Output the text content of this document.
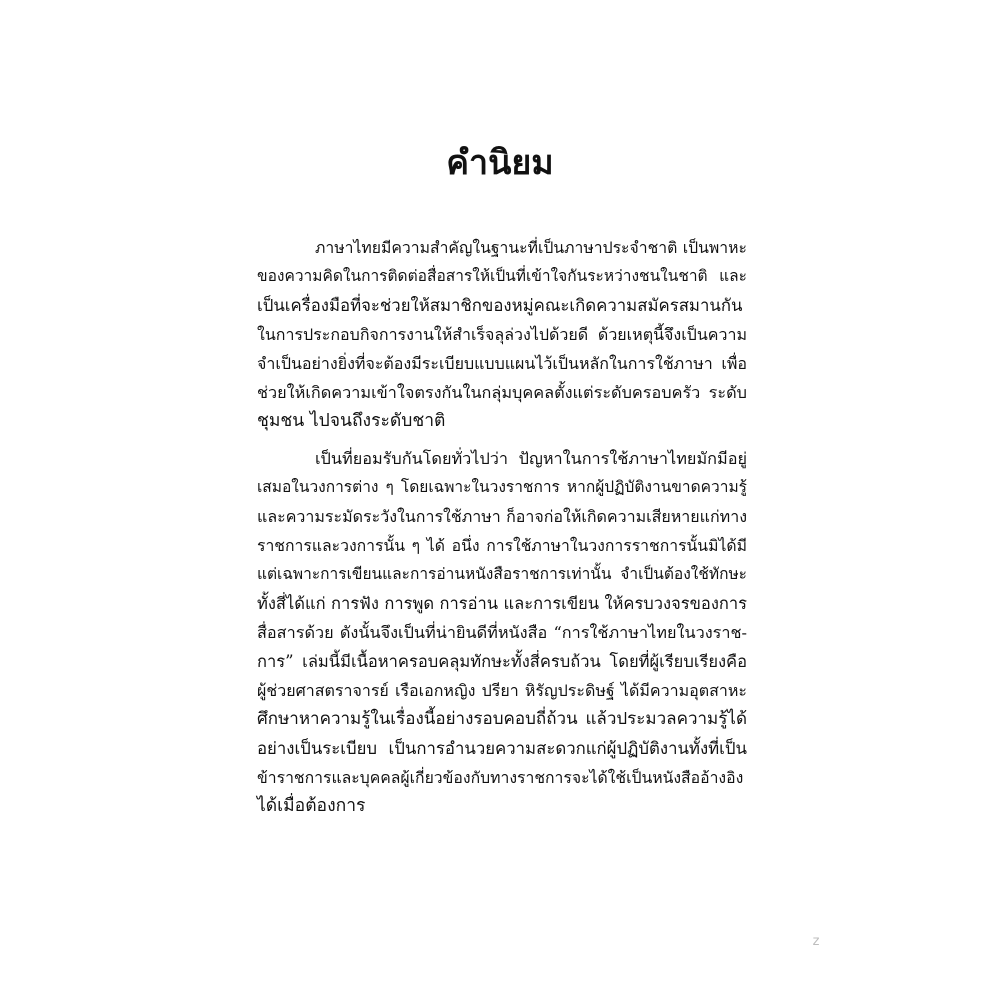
คำนิยม
ภาษาไทยมีความสำคัญในฐานะที่เป็นภาษาประจำชาติ เป็นพาหะ
ของความคิดในการติดต่อสื่อสารให้เป็นที่เข้าใจกันระหว่างชนในชาติ และ
เป็นเครื่องมือที่จะช่วยให้สมาชิกของหมู่คณะเกิดความสมัครสมานกัน
ในการประกอบกิจการงานให้สำเร็จลุล่วงไปด้วยดี ด้วยเหตุนี้จึงเป็นความ
จำเป็นอย่างยิ่งที่จะต้องมีระเบียบแบบแผนไว้เป็นหลักในการใช้ภาษา เพื่อ
ช่วยให้เกิดความเข้าใจตรงกันในกลุ่มบุคคลตั้งแต่ระดับครอบครัว ระดับ
ชุมชน ไปจนถึงระดับชาติ
เป็นที่ยอมรับกันโดยทั่วไปว่า ปัญหาในการใช้ภาษาไทยมักมีอยู่
เสมอในวงการต่าง ๆ โดยเฉพาะในวงราชการ หากผู้ปฏิบัติงานขาดความรู้
และความระมัดระวังในการใช้ภาษา ก็อาจก่อให้เกิดความเสียหายแก่ทาง
ราชการและวงการนั้น ๆ ได้ อนึ่ง การใช้ภาษาในวงการราชการนั้นมิได้มี
แต่เฉพาะการเขียนและการอ่านหนังสือราชการเท่านั้น จำเป็นต้องใช้ทักษะ
ทั้งสี่ได้แก่ การฟัง การพูด การอ่าน และการเขียน ให้ครบวงจรของการ
สื่อสารด้วย ดังนั้นจึงเป็นที่น่ายินดีที่หนังสือ “การใช้ภาษาไทยในวงราช-
การ” เล่มนี้มีเนื้อหาครอบคลุมทักษะทั้งสี่ครบถ้วน โดยที่ผู้เรียบเรียงคือ
ผู้ช่วยศาสตราจารย์ เรือเอกหญิง ปรียา หิรัญประดิษฐ์ ได้มีความอุตสาหะ
ศึกษาหาความรู้ในเรื่องนี้อย่างรอบคอบถี่ถ้วน แล้วประมวลความรู้ได้
อย่างเป็นระเบียบ เป็นการอำนวยความสะดวกแก่ผู้ปฏิบัติงานทั้งที่เป็น
ข้าราชการและบุคคลผู้เกี่ยวข้องกับทางราชการจะได้ใช้เป็นหนังสืออ้างอิง
ได้เมื่อต้องการ
z
